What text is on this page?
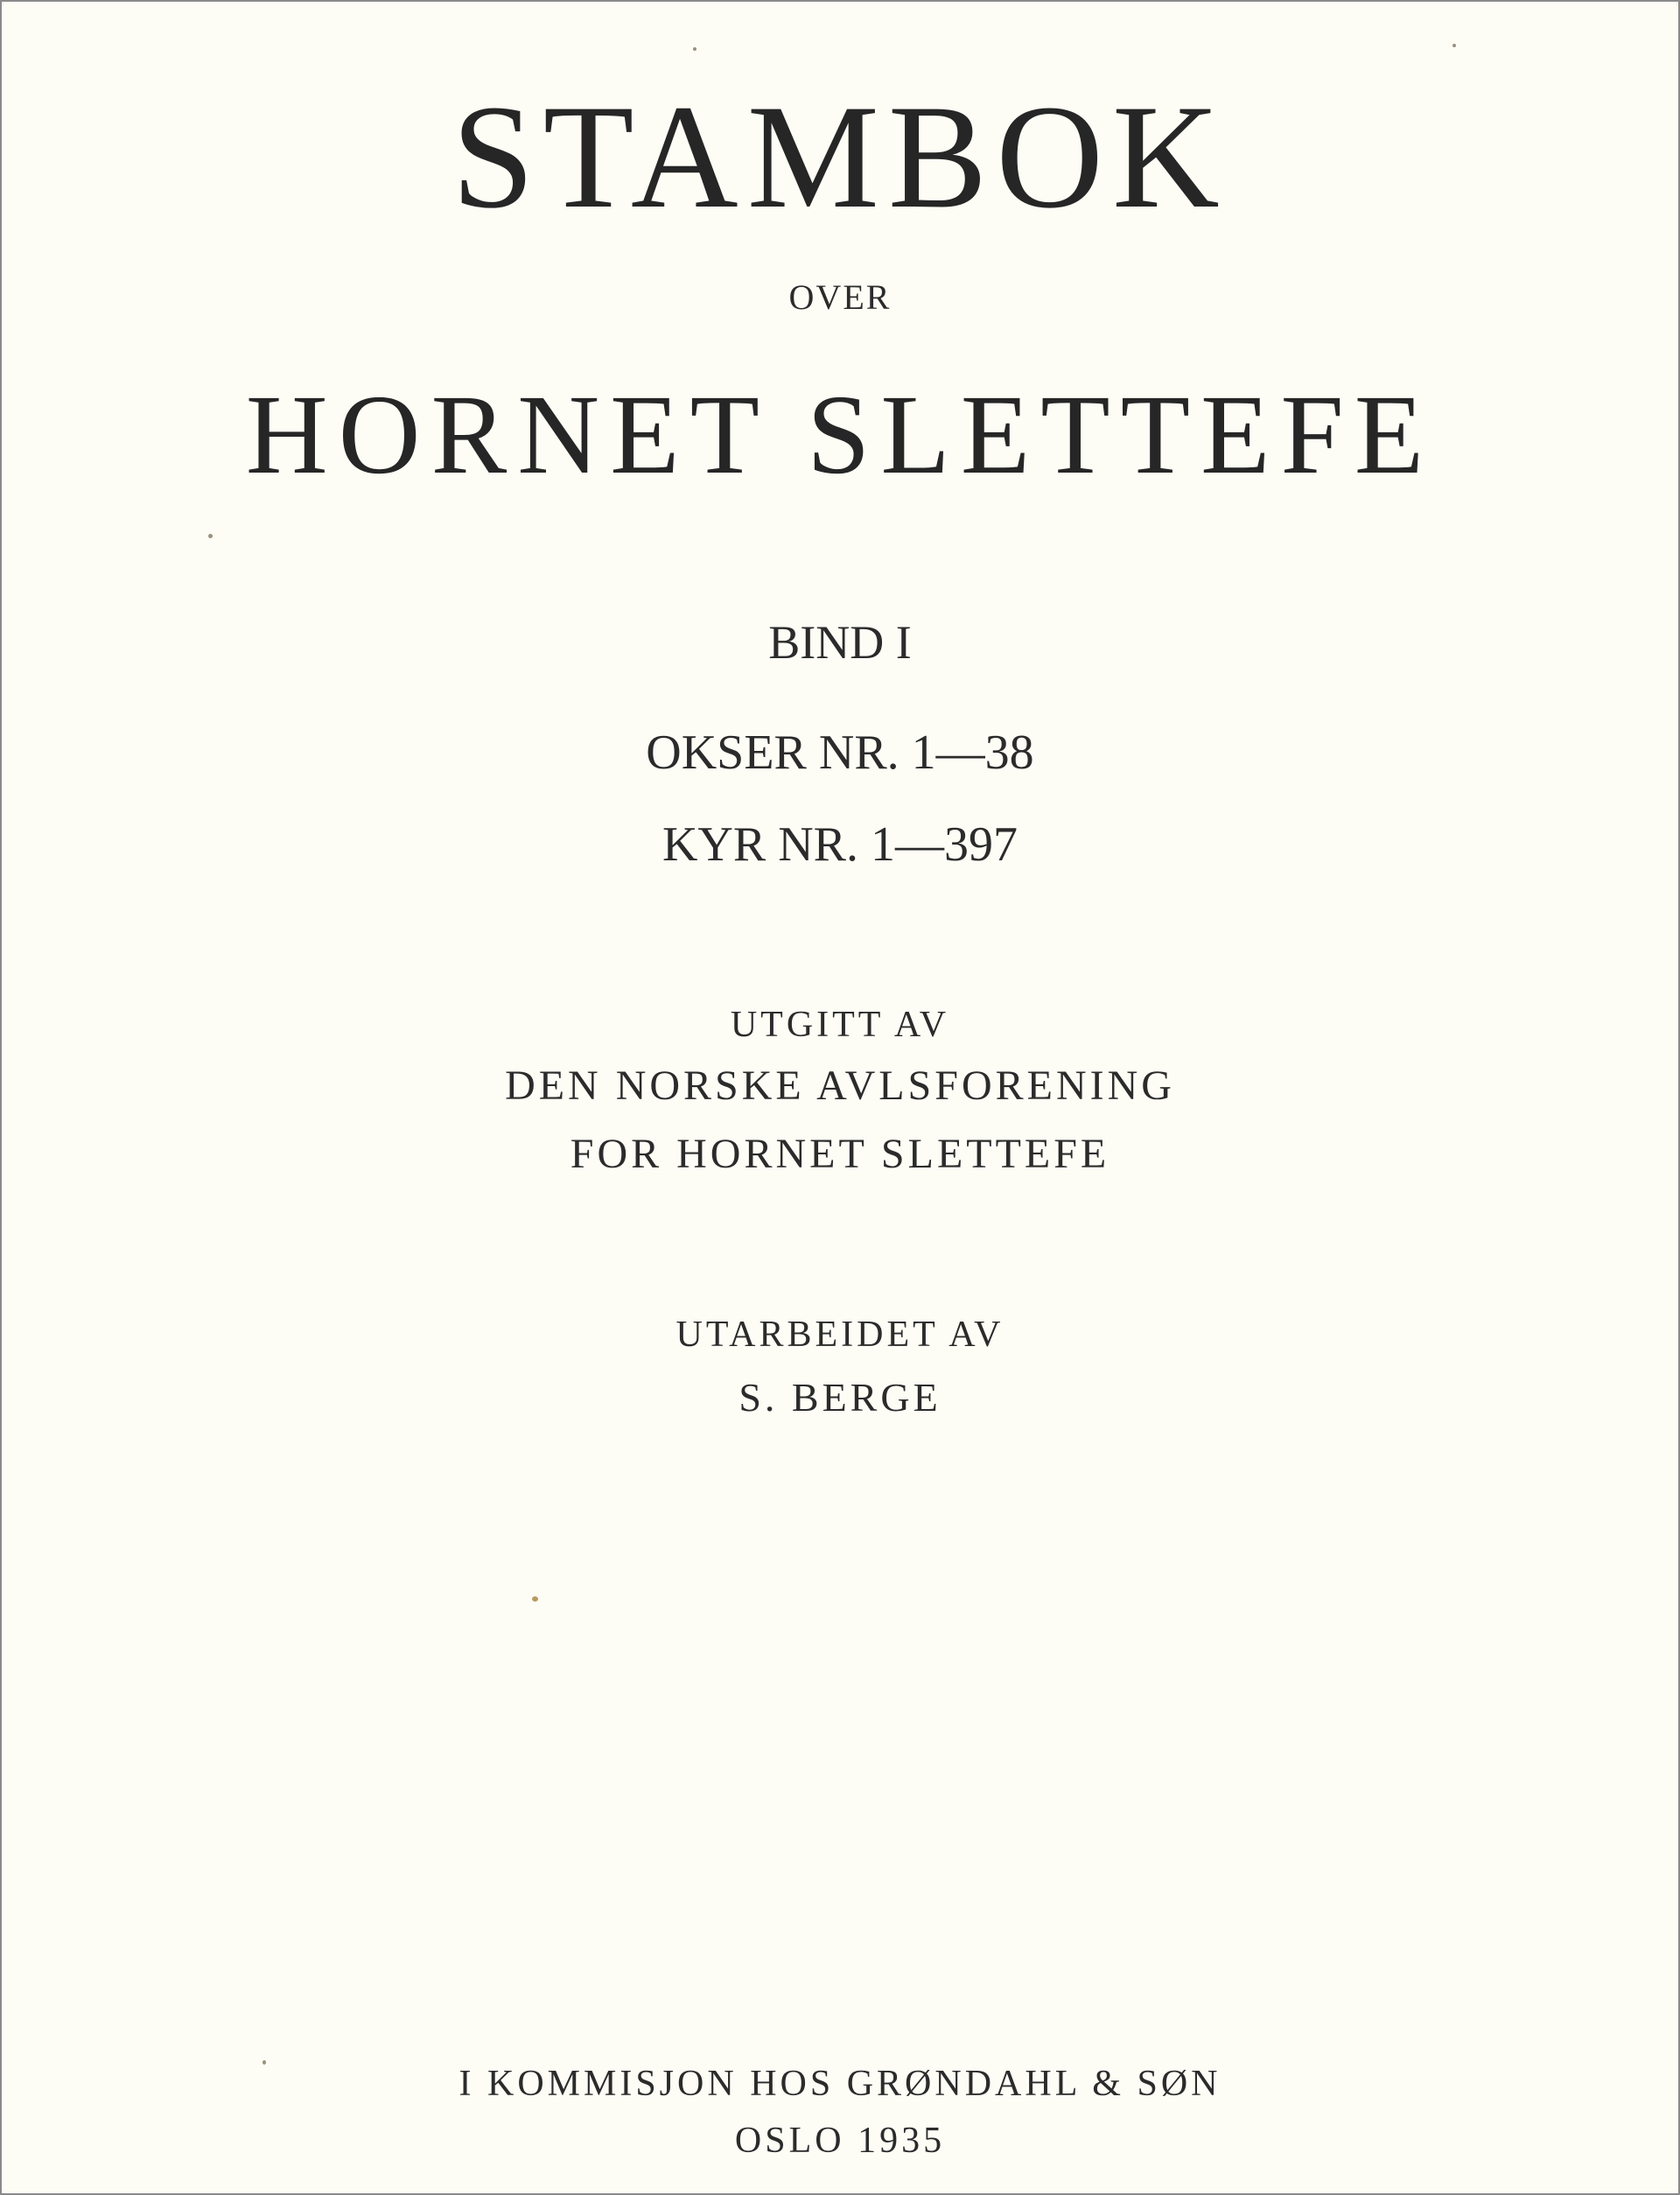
STAMBOK
OVER
HORNET SLETTEFE
BIND I
OKSER NR. 1—38
KYR NR. 1—397
UTGITT AV
DEN NORSKE AVLSFORENING
FOR HORNET SLETTEFE
UTARBEIDET AV
S. BERGE
I KOMMISJON HOS GRØNDAHL & SØN
OSLO 1935
